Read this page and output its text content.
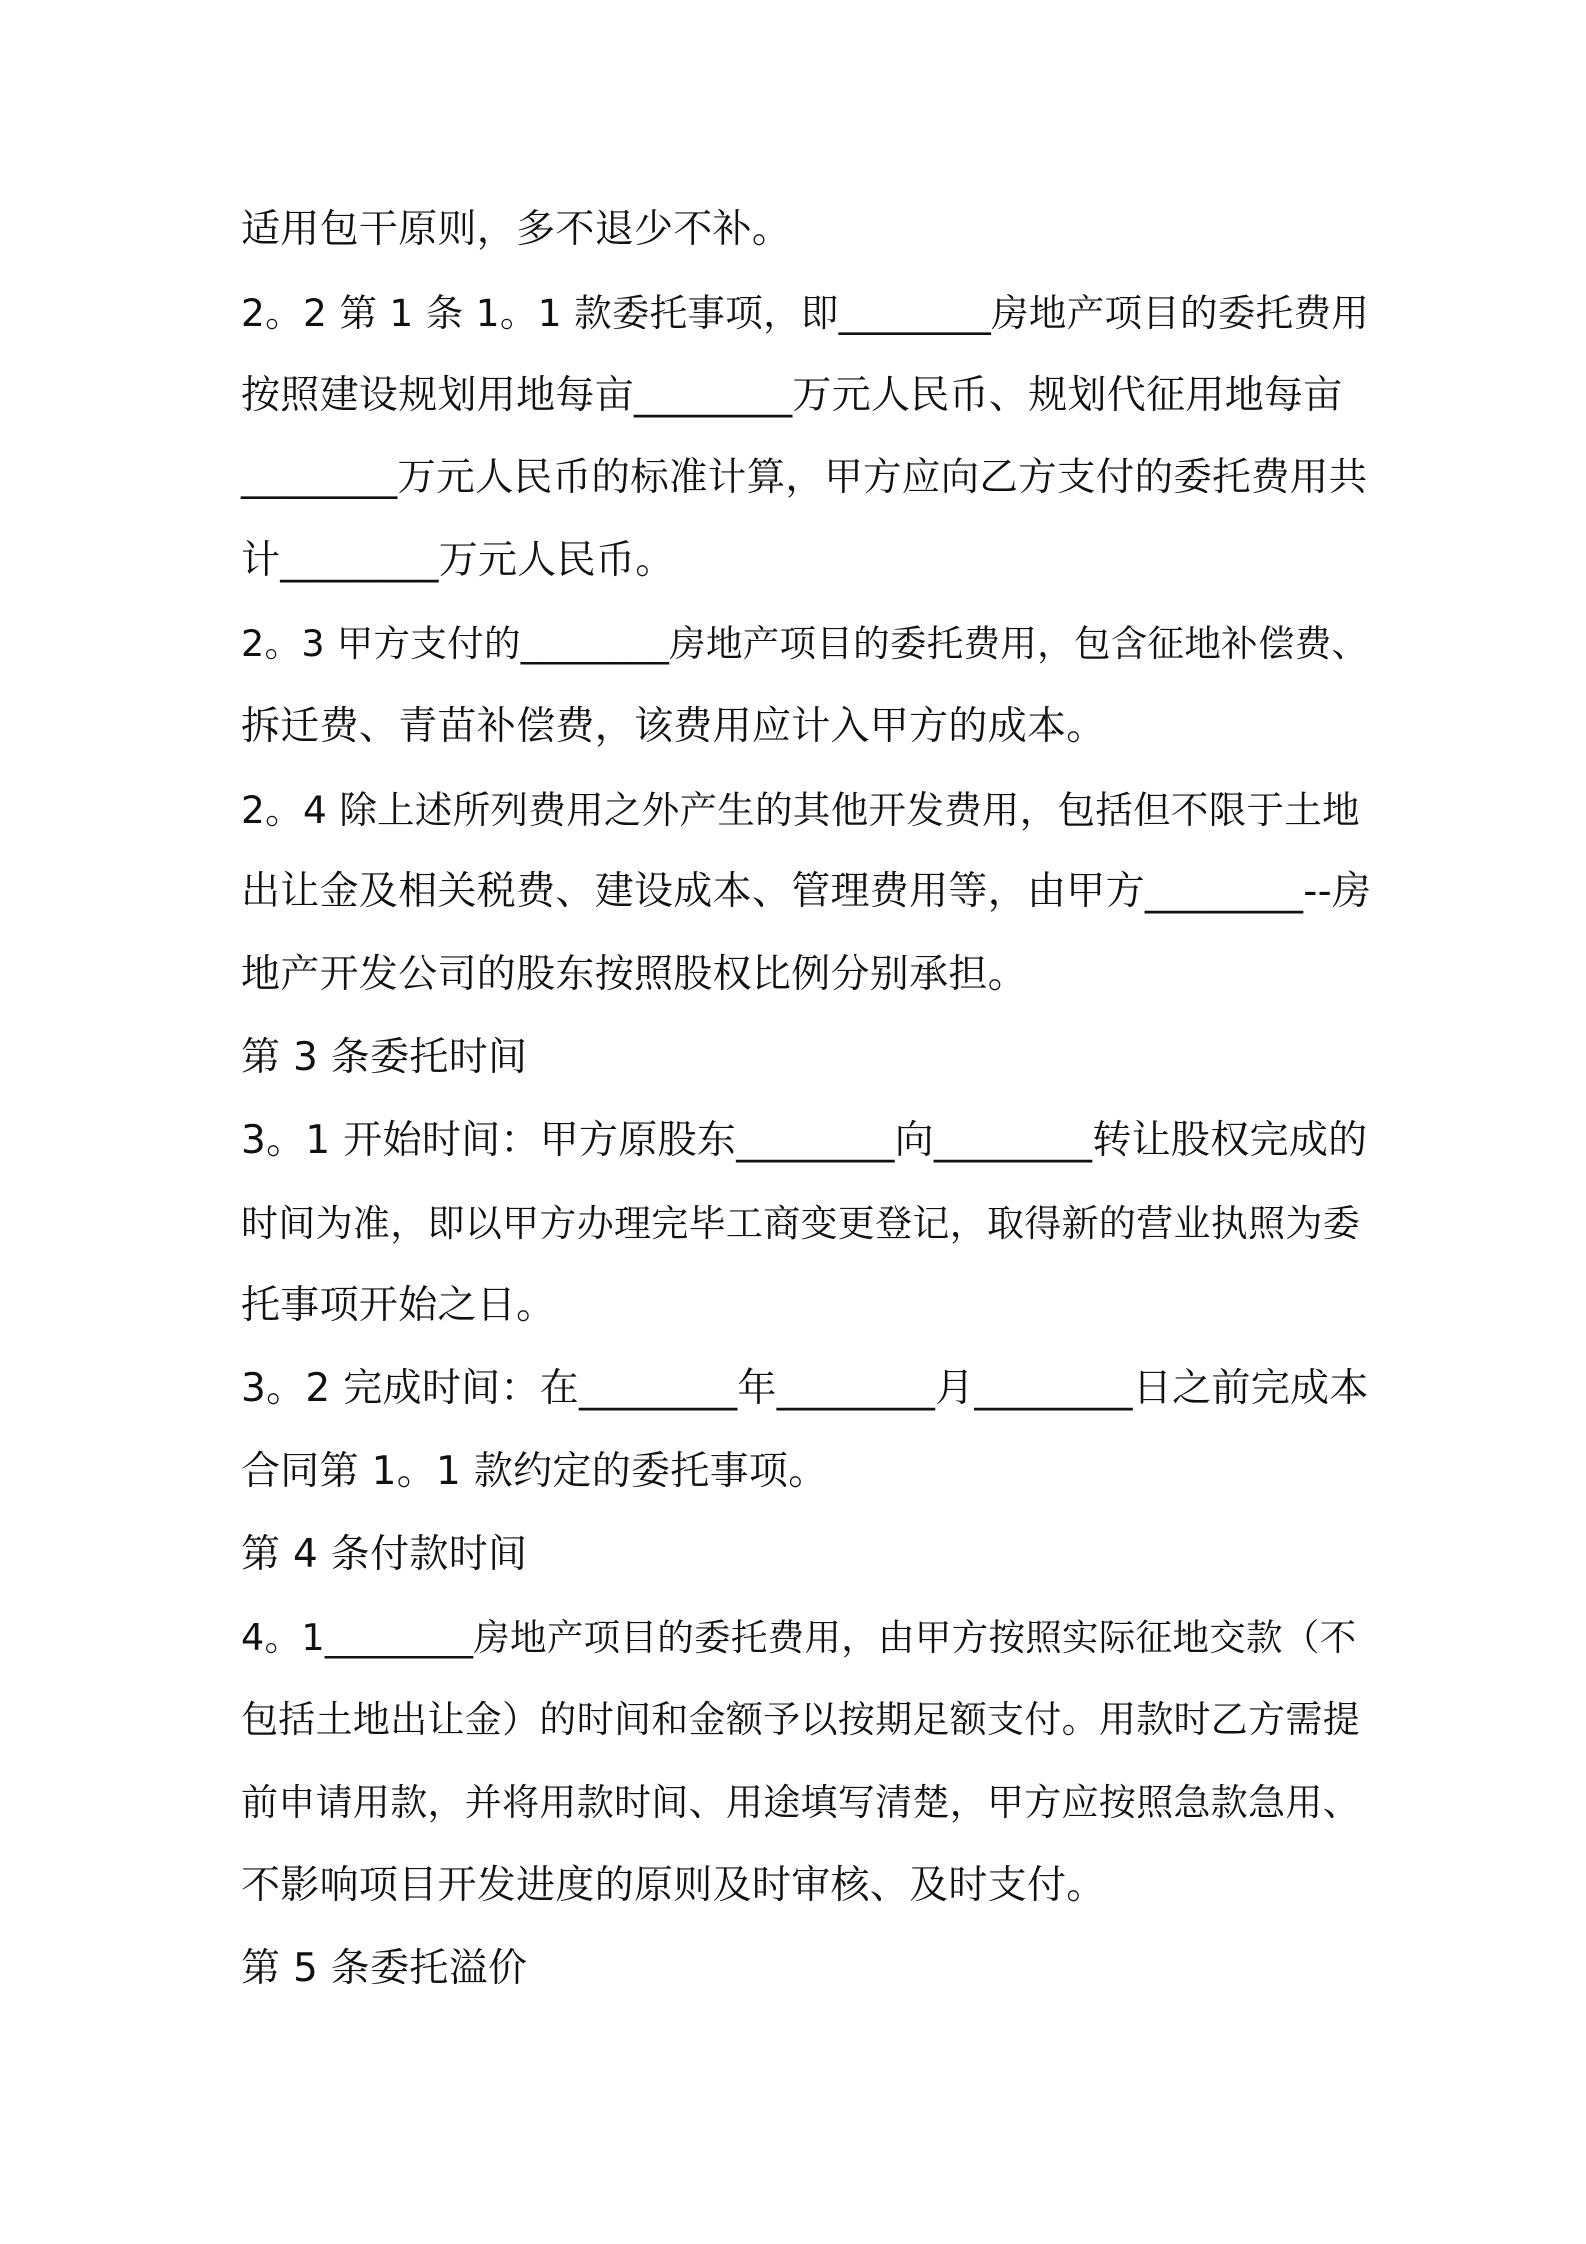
适用包干原则，多不退少不补。
2。2 第 1 条 1。1 款委托事项，即________房地产项目的委托费用
按照建设规划用地每亩________万元人民币、规划代征用地每亩
________万元人民币的标准计算，甲方应向乙方支付的委托费用共
计________万元人民币。
2。3 甲方支付的________房地产项目的委托费用，包含征地补偿费、
拆迁费、青苗补偿费，该费用应计入甲方的成本。
2。4 除上述所列费用之外产生的其他开发费用，包括但不限于土地
出让金及相关税费、建设成本、管理费用等，由甲方________--房
地产开发公司的股东按照股权比例分别承担。
第 3 条委托时间
3。1 开始时间：甲方原股东________向________转让股权完成的
时间为准，即以甲方办理完毕工商变更登记，取得新的营业执照为委
托事项开始之日。
3。2 完成时间：在________年________月________日之前完成本
合同第 1。1 款约定的委托事项。
第 4 条付款时间
4。1________房地产项目的委托费用，由甲方按照实际征地交款（不
包括土地出让金）的时间和金额予以按期足额支付。用款时乙方需提
前申请用款，并将用款时间、用途填写清楚，甲方应按照急款急用、
不影响项目开发进度的原则及时审核、及时支付。
第 5 条委托溢价
